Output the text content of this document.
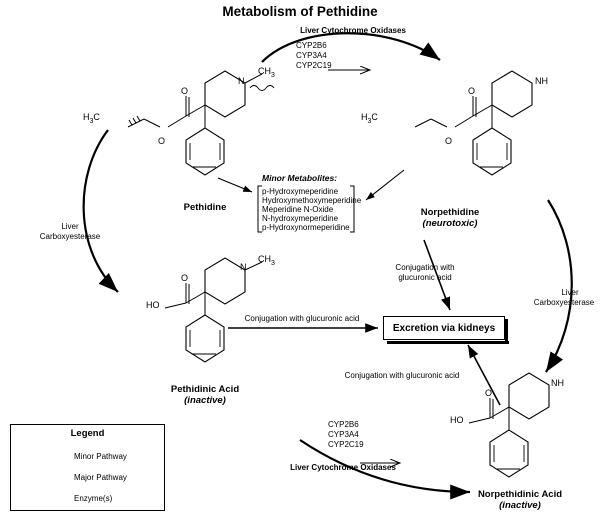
Metabolism of Pethidine
Excretion via kidneys
Pethidine	Norpethidine
(neurotoxic)
Pethidinic Acid
(inactive)
Norpethidinic Acid
(inactive)
Liver Cytochrome Oxidases
CYP2B6
CYP3A4
CYP2C19
CYP2B6
CYP3A4
CYP2C19
Liver Cytochrome Oxidases
Liver
Carboxyesterase
Liver
Carboxyesterase
Conjugation with
glucuronic acid
Conjugation with glucuronic acid
Conjugation with glucuronic acid
Minor Metabolites:
p-Hydroxymeperidine
Hydroxymethoxymeperidine
Meperidine N-Oxide
N-hydroxymeperidine
p-Hydroxynormeperidine
N
$CH_3$
$H_3C$
O
O
NH
$H_3C$
O
O
N
$CH_3$
HO
O
NH
HO
O
Legend
Minor Pathway
Major Pathway
Enzyme(s)
